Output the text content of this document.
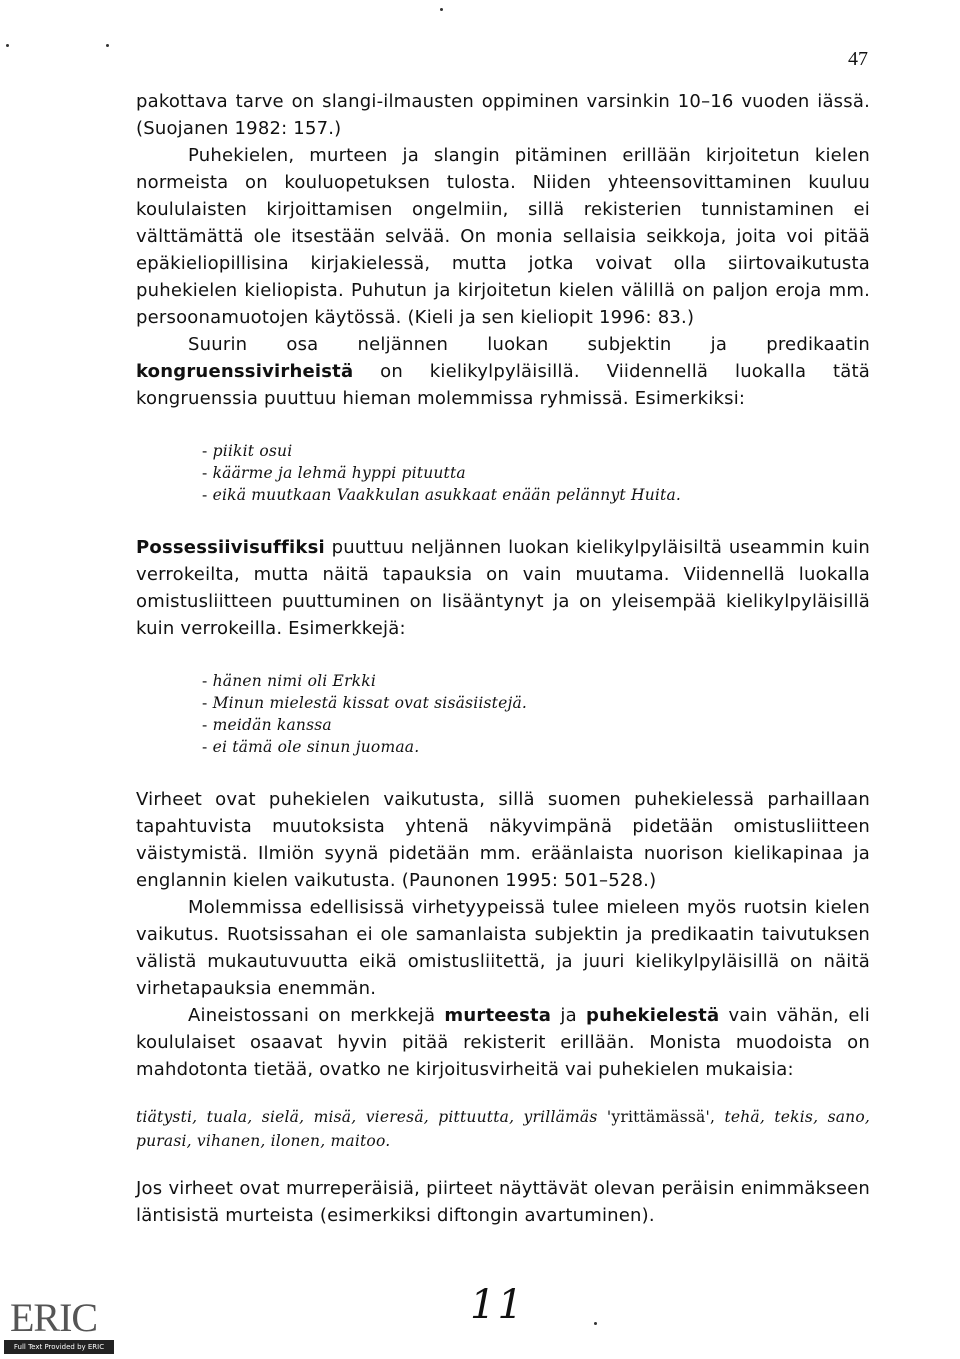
47

pakottava tarve on slangi-ilmausten oppiminen varsinkin 10–16 vuoden iässä. (Suojanen 1982: 157.)

Puhekielen, murteen ja slangin pitäminen erillään kirjoitetun kielen normeista on kouluopetuksen tulosta. Niiden yhteensovittaminen kuuluu koululaisten kirjoittamisen ongelmiin, sillä rekisterien tunnistaminen ei välttämättä ole itsestään selvää. On monia sellaisia seikkoja, joita voi pitää epäkieliopillisina kirjakielessä, mutta jotka voivat olla siirtovaikutusta puhekielen kieliopista. Puhutun ja kirjoitetun kielen välillä on paljon eroja mm. persoonamuotojen käytössä. (Kieli ja sen kieliopit 1996: 83.)

Suurin osa neljännen luokan subjektin ja predikaatin kongruenssivirheistä on kielikylpyläisillä. Viidennellä luokalla tätä kongruenssia puuttuu hieman molemmissa ryhmissä. Esimerkiksi:

- piikit osui
- käärme ja lehmä hyppi pituutta
- eikä muutkaan Vaakkulan asukkaat enään pelännyt Huita.

Possessiivisuffiksi puuttuu neljännen luokan kielikylpyläisiltä useammin kuin verrokeilta, mutta näitä tapauksia on vain muutama. Viidennellä luokalla omistusliitteen puuttuminen on lisääntynyt ja on yleisempää kielikylpyläisillä kuin verrokeilla. Esimerkkejä:

- hänen nimi oli Erkki
- Minun mielestä kissat ovat sisäsiistejä.
- meidän kanssa
- ei tämä ole sinun juomaa.

Virheet ovat puhekielen vaikutusta, sillä suomen puhekielessä parhaillaan tapahtuvista muutoksista yhtenä näkyvimpänä pidetään omistusliitteen väistymistä. Ilmiön syynä pidetään mm. eräänlaista nuorison kielikapinaa ja englannin kielen vaikutusta. (Paunonen 1995: 501–528.)

Molemmissa edellisissä virhetyypeissä tulee mieleen myös ruotsin kielen vaikutus. Ruotsissahan ei ole samanlaista subjektin ja predikaatin taivutuksen välistä mukautuvuutta eikä omistusliitettä, ja juuri kielikylpyläisillä on näitä virhetapauksia enemmän.

Aineistossani on merkkejä murteesta ja puhekielestä vain vähän, eli koululaiset osaavat hyvin pitää rekisterit erillään. Monista muodoista on mahdotonta tietää, ovatko ne kirjoitusvirheitä vai puhekielen mukaisia:

tiätysti, tuala, sielä, misä, vieresä, pittuutta, yrillämäs 'yrittämässä', tehä, tekis, sano, purasi, vihanen, ilonen, maitoo.

Jos virheet ovat murreperäisiä, piirteet näyttävät olevan peräisin enimmäkseen läntisistä murteista (esimerkiksi diftongin avartuminen).

11
ERIC
Full Text Provided by ERIC
